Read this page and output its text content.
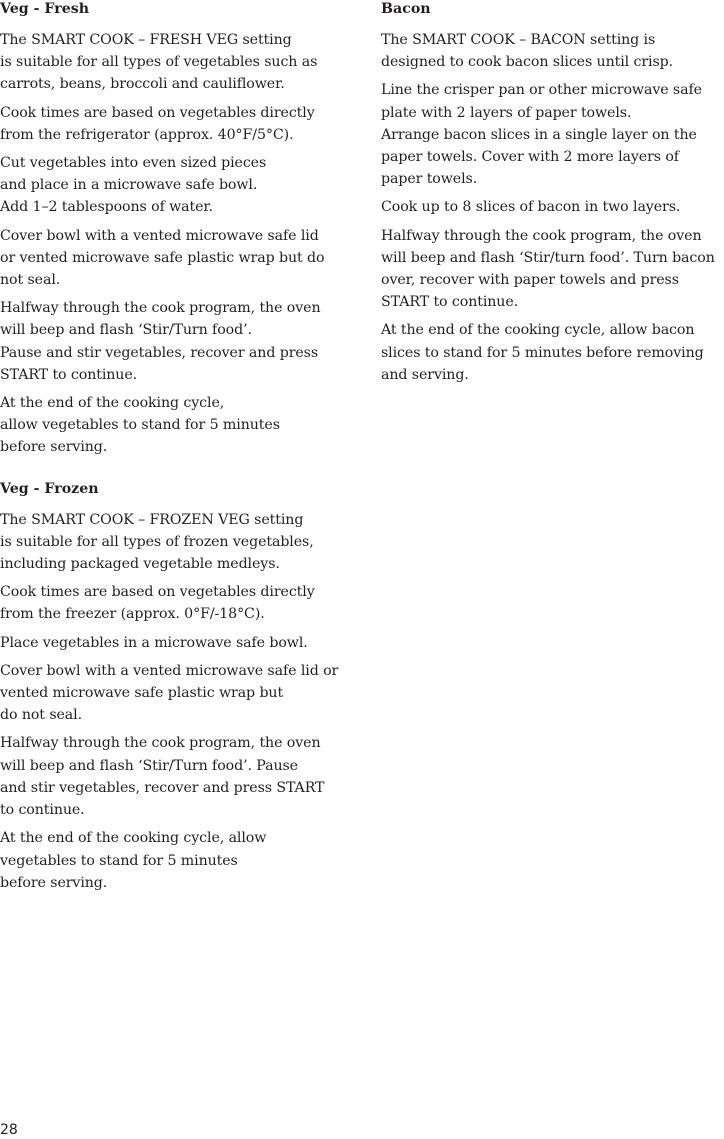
Veg - Fresh
The SMART COOK – FRESH VEG setting
is suitable for all types of vegetables such as
carrots, beans, broccoli and cauliflower.
Cook times are based on vegetables directly
from the refrigerator (approx. 40°F/5°C).
Cut vegetables into even sized pieces
and place in a microwave safe bowl.
Add 1–2 tablespoons of water.
Cover bowl with a vented microwave safe lid
or vented microwave safe plastic wrap but do
not seal.
Halfway through the cook program, the oven
will beep and flash ‘Stir/Turn food’.
Pause and stir vegetables, recover and press
START to continue.
At the end of the cooking cycle,
allow vegetables to stand for 5 minutes
before serving.
Veg - Frozen
The SMART COOK – FROZEN VEG setting
is suitable for all types of frozen vegetables,
including packaged vegetable medleys.
Cook times are based on vegetables directly
from the freezer (approx. 0°F/-18°C).
Place vegetables in a microwave safe bowl.
Cover bowl with a vented microwave safe lid or
vented microwave safe plastic wrap but
do not seal.
Halfway through the cook program, the oven
will beep and flash ‘Stir/Turn food’. Pause
and stir vegetables, recover and press START
to continue.
At the end of the cooking cycle, allow
vegetables to stand for 5 minutes
before serving.
Bacon
The SMART COOK – BACON setting is
designed to cook bacon slices until crisp.
Line the crisper pan or other microwave safe
plate with 2 layers of paper towels.
Arrange bacon slices in a single layer on the
paper towels. Cover with 2 more layers of
paper towels.
Cook up to 8 slices of bacon in two layers.
Halfway through the cook program, the oven
will beep and flash ‘Stir/turn food’. Turn bacon
over, recover with paper towels and press
START to continue.
At the end of the cooking cycle, allow bacon
slices to stand for 5 minutes before removing
and serving.
28
